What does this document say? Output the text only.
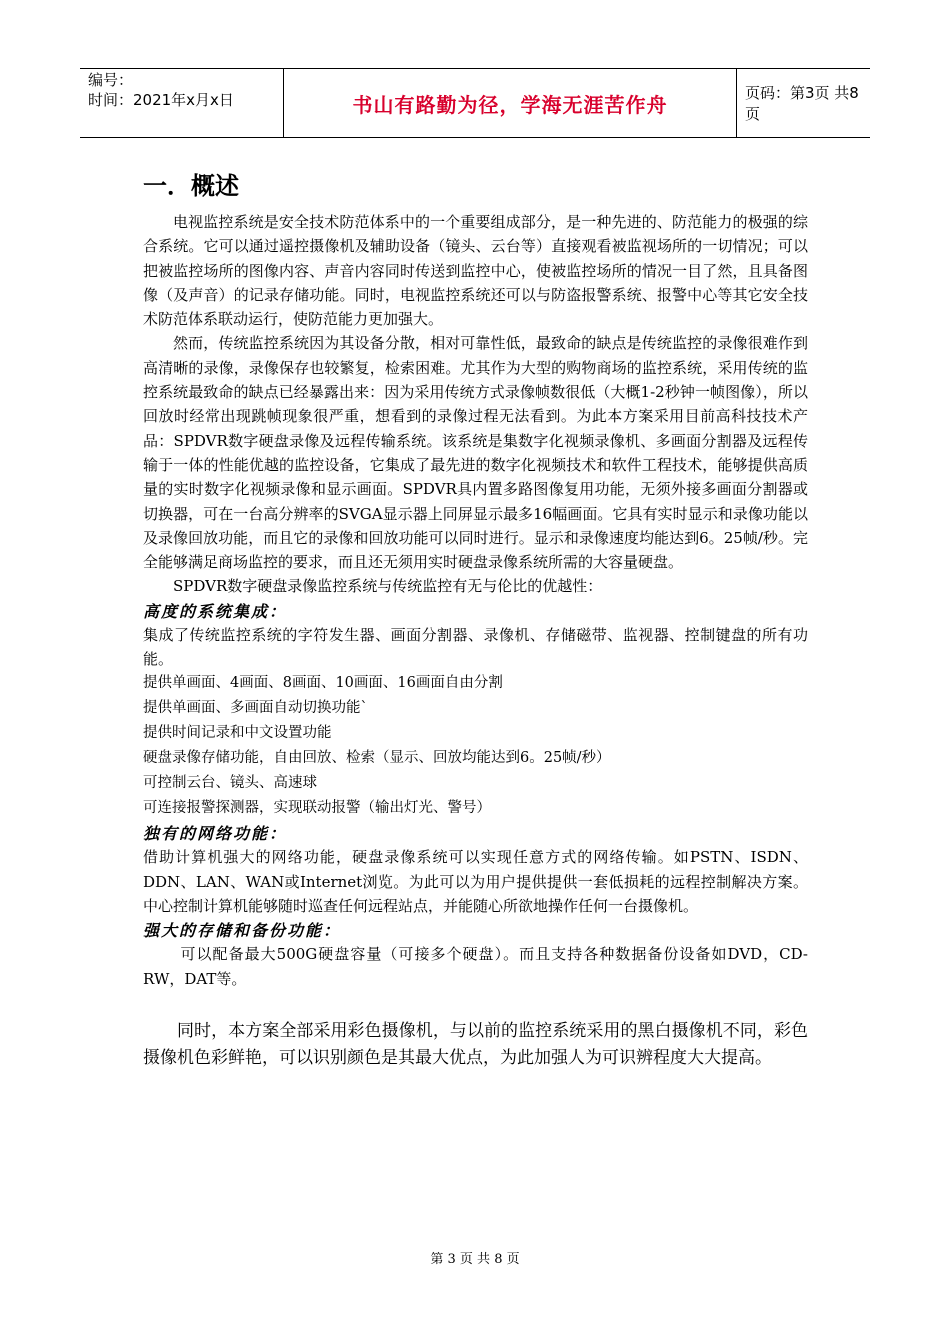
编号：
时间：2021年x月x日	书山有路勤为径，学海无涯苦作舟	页码：第3页 共8页
一．概述

电视监控系统是安全技术防范体系中的一个重要组成部分，是一种先进的、防范能力的极强的综合系统。它可以通过遥控摄像机及辅助设备（镜头、云台等）直接观看被监视场所的一切情况；可以把被监控场所的图像内容、声音内容同时传送到监控中心，使被监控场所的情况一目了然，且具备图像（及声音）的记录存储功能。同时，电视监控系统还可以与防盗报警系统、报警中心等其它安全技术防范体系联动运行，使防范能力更加强大。

然而，传统监控系统因为其设备分散，相对可靠性低，最致命的缺点是传统监控的录像很难作到高清晰的录像，录像保存也较繁复，检索困难。尤其作为大型的购物商场的监控系统，采用传统的监控系统最致命的缺点已经暴露出来：因为采用传统方式录像帧数很低（大概1-2秒钟一帧图像），所以回放时经常出现跳帧现象很严重，想看到的录像过程无法看到。为此本方案采用目前高科技技术产品：SPDVR数字硬盘录像及远程传输系统。该系统是集数字化视频录像机、多画面分割器及远程传输于一体的性能优越的监控设备，它集成了最先进的数字化视频技术和软件工程技术，能够提供高质量的实时数字化视频录像和显示画面。SPDVR具内置多路图像复用功能，无须外接多画面分割器或切换器，可在一台高分辨率的SVGA显示器上同屏显示最多16幅画面。它具有实时显示和录像功能以及录像回放功能，而且它的录像和回放功能可以同时进行。显示和录像速度均能达到6。25帧/秒。完全能够满足商场监控的要求，而且还无须用实时硬盘录像系统所需的大容量硬盘。

SPDVR数字硬盘录像监控系统与传统监控有无与伦比的优越性：

高度的系统集成：

集成了传统监控系统的字符发生器、画面分割器、录像机、存储磁带、监视器、控制键盘的所有功能。

提供单画面、4画面、8画面、10画面、16画面自由分割

提供单画面、多画面自动切换功能`

提供时间记录和中文设置功能

硬盘录像存储功能，自由回放、检索（显示、回放均能达到6。25帧/秒）

可控制云台、镜头、高速球

可连接报警探测器，实现联动报警（输出灯光、警号）

独有的网络功能：

借助计算机强大的网络功能，硬盘录像系统可以实现任意方式的网络传输。如PSTN、ISDN、DDN、LAN、WAN或Internet浏览。为此可以为用户提供提供一套低损耗的远程控制解决方案。中心控制计算机能够随时巡查任何远程站点，并能随心所欲地操作任何一台摄像机。

强大的存储和备份功能：

可以配备最大500G硬盘容量（可接多个硬盘）。而且支持各种数据备份设备如DVD，CD-RW，DAT等。

同时，本方案全部采用彩色摄像机，与以前的监控系统采用的黑白摄像机不同，彩色摄像机色彩鲜艳，可以识别颜色是其最大优点，为此加强人为可识辨程度大大提高。

第 3 页 共 8 页
